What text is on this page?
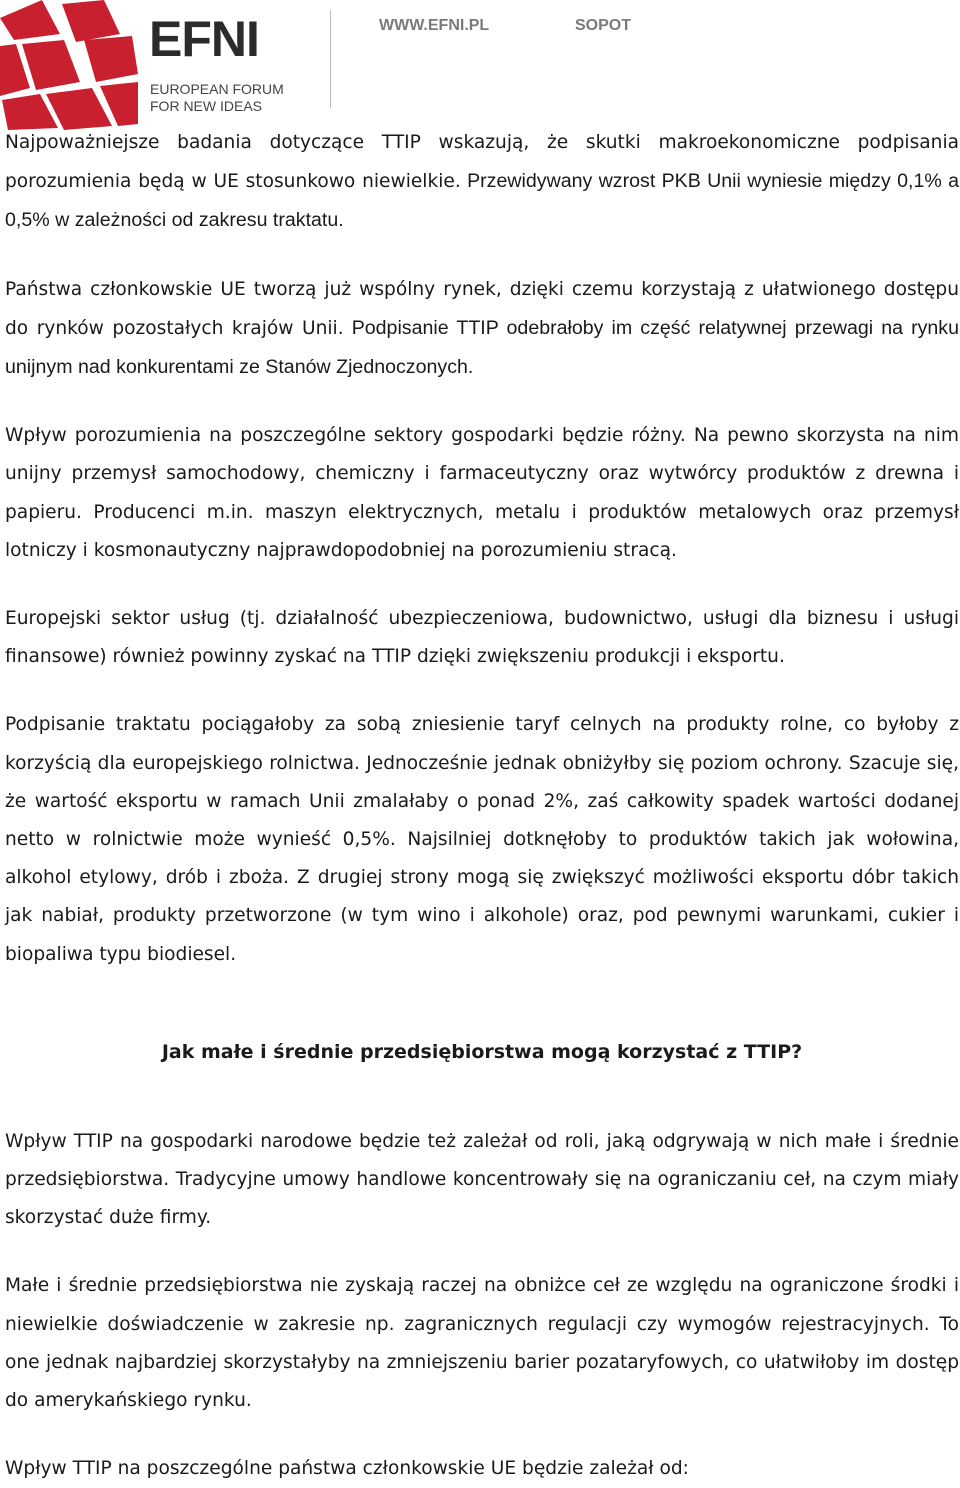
EFNI
EUROPEAN FORUM
FOR NEW IDEAS
WWW.EFNI.PL	SOPOT

Najpoważniejsze badania dotyczące TTIP wskazują, że skutki makroekonomiczne podpisania porozumienia będą w UE stosunkowo niewielkie. Przewidywany wzrost PKB Unii wyniesie między 0,1% a 0,5% w zależności od zakresu traktatu.

Państwa członkowskie UE tworzą już wspólny rynek, dzięki czemu korzystają z ułatwionego dostępu do rynków pozostałych krajów Unii. Podpisanie TTIP odebrałoby im część relatywnej przewagi na rynku unijnym nad konkurentami ze Stanów Zjednoczonych.

Wpływ porozumienia na poszczególne sektory gospodarki będzie różny. Na pewno skorzysta na nim unijny przemysł samochodowy, chemiczny i farmaceutyczny oraz wytwórcy produktów z drewna i papieru. Producenci m.in. maszyn elektrycznych, metalu i produktów metalowych oraz przemysł lotniczy i kosmonautyczny najprawdopodobniej na porozumieniu stracą.

Europejski sektor usług (tj. działalność ubezpieczeniowa, budownictwo, usługi dla biznesu i usługi finansowe) również powinny zyskać na TTIP dzięki zwiększeniu produkcji i eksportu.

Podpisanie traktatu pociągałoby za sobą zniesienie taryf celnych na produkty rolne, co byłoby z korzyścią dla europejskiego rolnictwa. Jednocześnie jednak obniżyłby się poziom ochrony. Szacuje się, że wartość eksportu w ramach Unii zmalałaby o ponad 2%, zaś całkowity spadek wartości dodanej netto w rolnictwie może wynieść 0,5%. Najsilniej dotknęłoby to produktów takich jak wołowina, alkohol etylowy, drób i zboża. Z drugiej strony mogą się zwiększyć możliwości eksportu dóbr takich jak nabiał, produkty przetworzone (w tym wino i alkohole) oraz, pod pewnymi warunkami, cukier i biopaliwa typu biodiesel.

Jak małe i średnie przedsiębiorstwa mogą korzystać z TTIP?

Wpływ TTIP na gospodarki narodowe będzie też zależał od roli, jaką odgrywają w nich małe i średnie przedsiębiorstwa. Tradycyjne umowy handlowe koncentrowały się na ograniczaniu ceł, na czym miały skorzystać duże firmy.

Małe i średnie przedsiębiorstwa nie zyskają raczej na obniżce ceł ze względu na ograniczone środki i niewielkie doświadczenie w zakresie np. zagranicznych regulacji czy wymogów rejestracyjnych. To one jednak najbardziej skorzystałyby na zmniejszeniu barier pozataryfowych, co ułatwiłoby im dostęp do amerykańskiego rynku.

Wpływ TTIP na poszczególne państwa członkowskie UE będzie zależał od:
